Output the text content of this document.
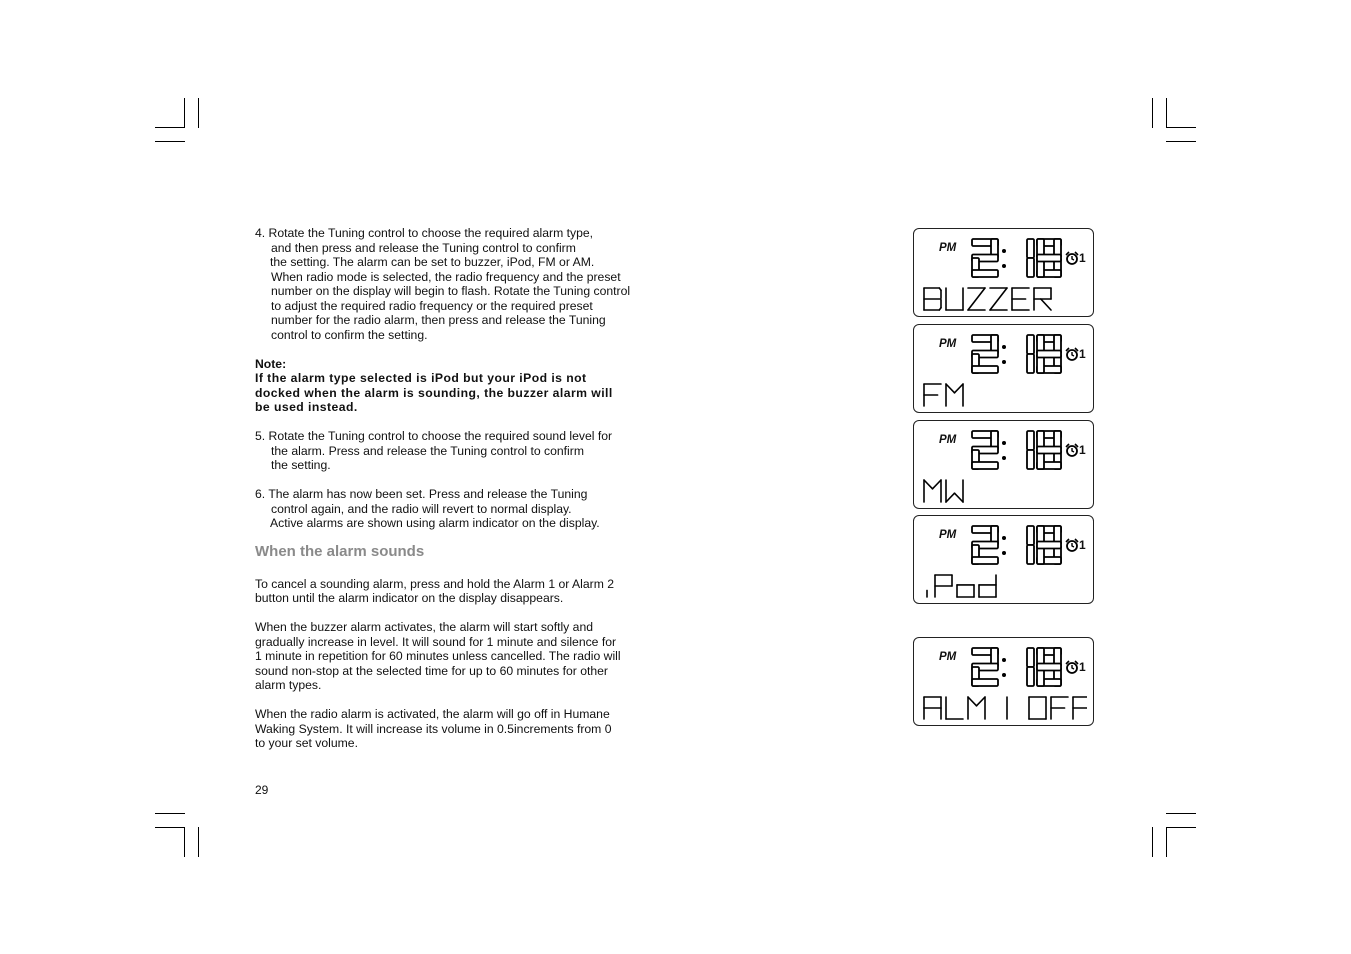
4. Rotate the Tuning control to choose the required alarm type,
and then press and release the Tuning control to confirm
the setting. The alarm can be set to buzzer, iPod, FM or AM.
When radio mode is selected, the radio frequency and the preset
number on the display will begin to flash. Rotate the Tuning control
to adjust the required radio frequency or the required preset
number for the radio alarm, then press and release the Tuning
control to confirm the setting.
Note:
If the alarm type selected is iPod but your iPod is not
docked when the alarm is sounding, the buzzer alarm will
be used instead.
5. Rotate the Tuning control to choose the required sound level for
the alarm. Press and release the Tuning control to confirm
the setting.
6. The alarm has now been set. Press and release the Tuning
control again, and the radio will revert to normal display.
Active alarms are shown using alarm indicator on the display.
When the alarm sounds
To cancel a sounding alarm, press and hold the Alarm 1 or Alarm 2
button until the alarm indicator on the display disappears.
When the buzzer alarm activates, the alarm will start softly and
gradually increase in level. It will sound for 1 minute and silence for
1 minute in repetition for 60 minutes unless cancelled. The radio will
sound non-stop at the selected time for up to 60 minutes for other
alarm types.
When the radio alarm is activated, the alarm will go off in Humane
Waking System. It will increase its volume in 0.5increments from 0
to your set volume.
29
PM
1
PM
1
PM
1
PM
1
PM
1
